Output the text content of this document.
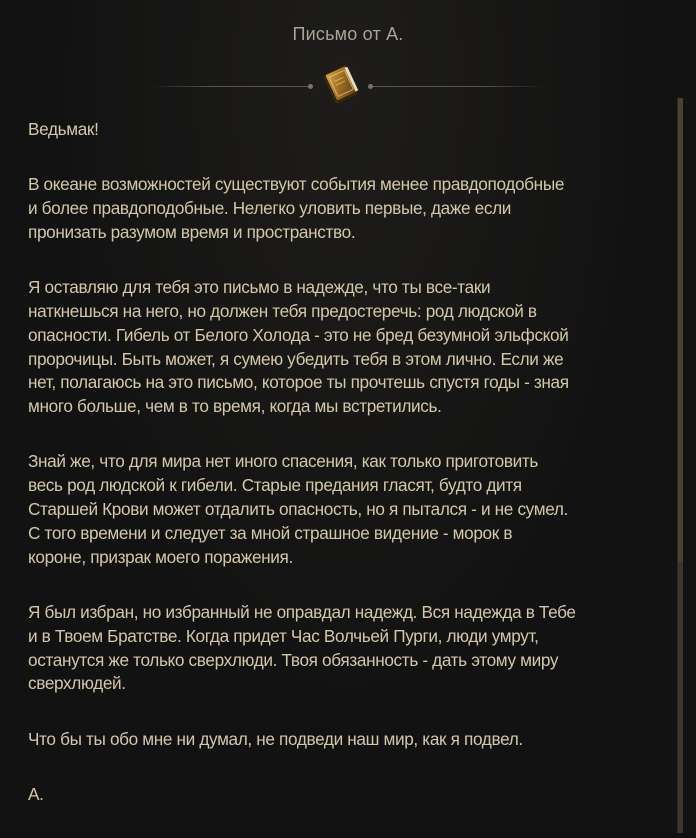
Письмо от А.

Ведьмак!

В океане возможностей существуют события менее правдоподобные
и более правдоподобные. Нелегко уловить первые, даже если
пронизать разумом время и пространство.

Я оставляю для тебя это письмо в надежде, что ты все-таки
наткнешься на него, но должен тебя предостеречь: род людской в
опасности. Гибель от Белого Холода - это не бред безумной эльфской
пророчицы. Быть может, я сумею убедить тебя в этом лично. Если же
нет, полагаюсь на это письмо, которое ты прочтешь спустя годы - зная
много больше, чем в то время, когда мы встретились.

Знай же, что для мира нет иного спасения, как только приготовить
весь род людской к гибели. Старые предания гласят, будто дитя
Старшей Крови может отдалить опасность, но я пытался - и не сумел.
С того времени и следует за мной страшное видение - морок в
короне, призрак моего поражения.

Я был избран, но избранный не оправдал надежд. Вся надежда в Тебе
и в Твоем Братстве. Когда придет Час Волчьей Пурги, люди умрут,
останутся же только сверхлюди. Твоя обязанность - дать этому миру
сверхлюдей.

Что бы ты обо мне ни думал, не подведи наш мир, как я подвел.

А.
